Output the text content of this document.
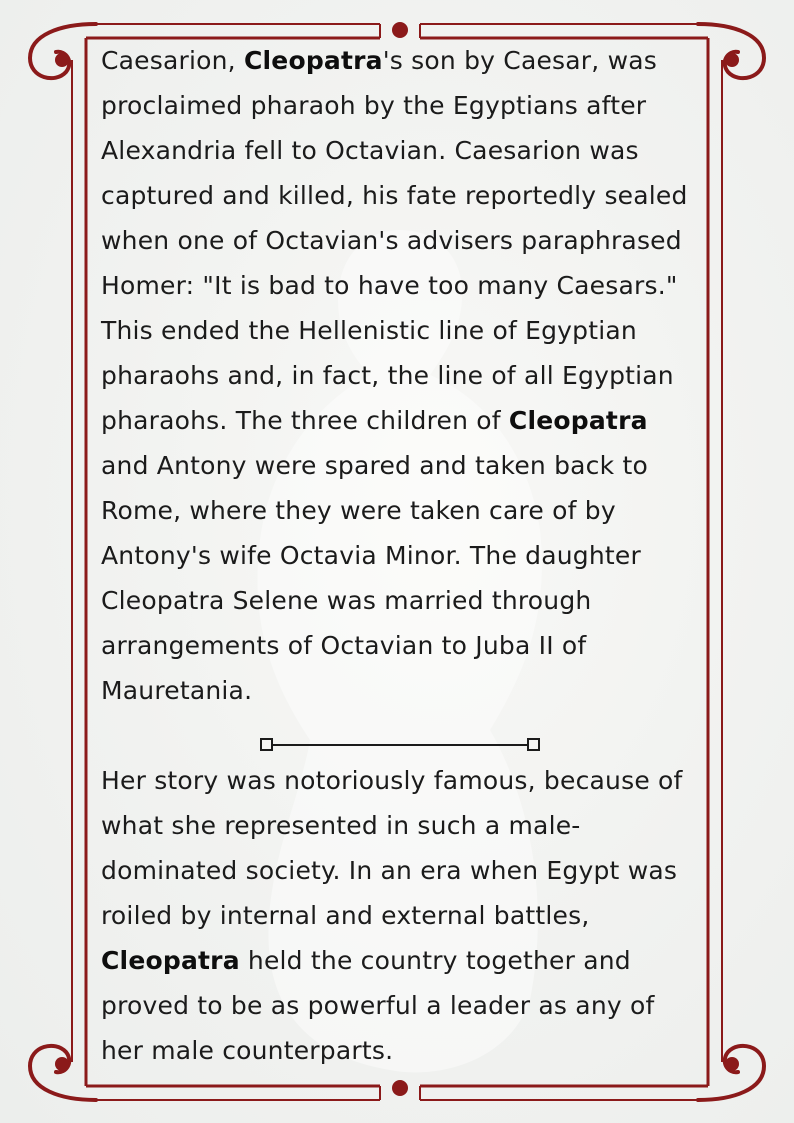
Caesarion, Cleopatra's son by Caesar, was proclaimed pharaoh by the Egyptians after Alexandria fell to Octavian. Caesarion was captured and killed, his fate reportedly sealed when one of Octavian's advisers paraphrased Homer: "It is bad to have too many Caesars." This ended the Hellenistic line of Egyptian pharaohs and, in fact, the line of all Egyptian pharaohs. The three children of Cleopatra and Antony were spared and taken back to Rome, where they were taken care of by Antony's wife Octavia Minor. The daughter Cleopatra Selene was married through arrangements of Octavian to Juba II of Mauretania.

Her story was notoriously famous, because of what she represented in such a male-dominated society. In an era when Egypt was roiled by internal and external battles, Cleopatra held the country together and proved to be as powerful a leader as any of her male counterparts.
